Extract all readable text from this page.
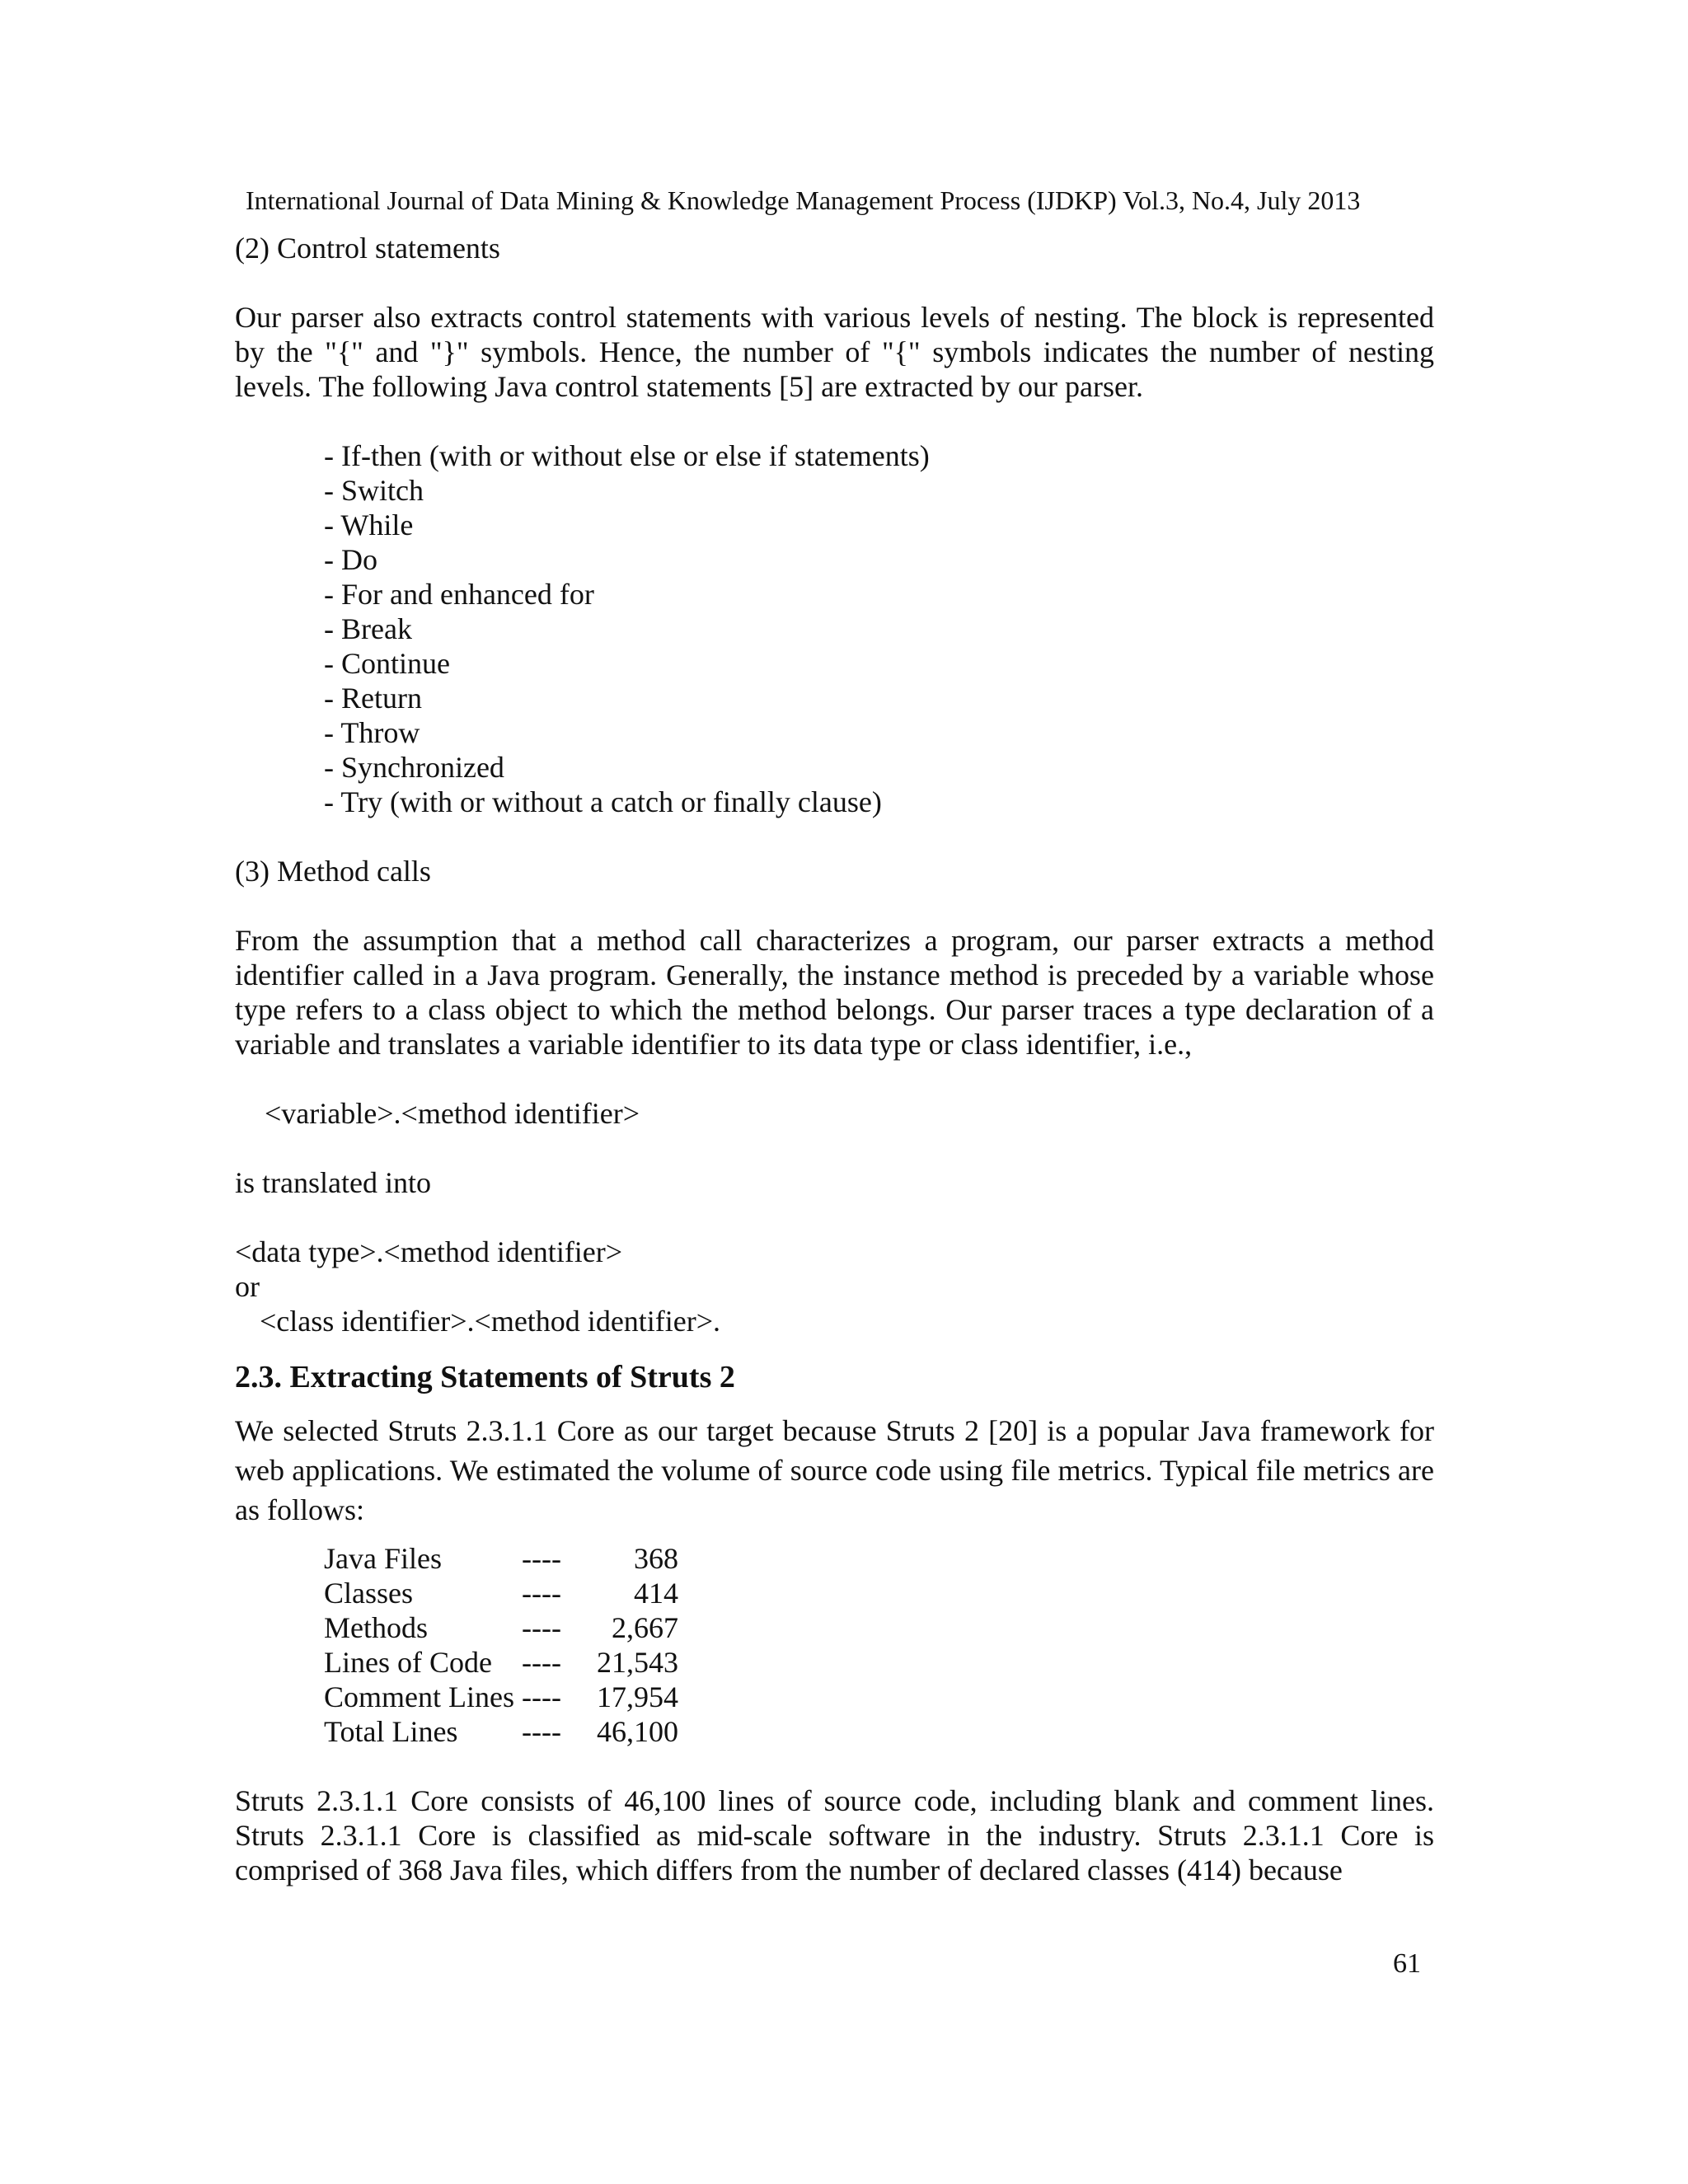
International Journal of Data Mining & Knowledge Management Process (IJDKP) Vol.3, No.4, July 2013
(2) Control statements

Our parser also extracts control statements with various levels of nesting. The block is represented by the "{" and "}" symbols. Hence, the number of "{" symbols indicates the number of nesting levels. The following Java control statements [5] are extracted by our parser.

- If-then (with or without else or else if statements)
- Switch
- While
- Do
- For and enhanced for
- Break
- Continue
- Return
- Throw
- Synchronized
- Try (with or without a catch or finally clause)
(3) Method calls

From the assumption that a method call characterizes a program, our parser extracts a method identifier called in a Java program. Generally, the instance method is preceded by a variable whose type refers to a class object to which the method belongs. Our parser traces a type declaration of a variable and translates a variable identifier to its data type or class identifier, i.e.,

<variable>.<method identifier>
is translated into
<data type>.<method identifier>
or
<class identifier>.<method identifier>.
2.3. Extracting Statements of Struts 2

We selected Struts 2.3.1.1 Core as our target because Struts 2 [20] is a popular Java framework for web applications. We estimated the volume of source code using file metrics. Typical file metrics are as follows:

Java Files	----	368
Classes	----	414
Methods	----	2,667
Lines of Code	----	21,543
Comment Lines	----	17,954
Total Lines	----	46,100

Struts 2.3.1.1 Core consists of 46,100 lines of source code, including blank and comment lines. Struts 2.3.1.1 Core is classified as mid-scale software in the industry. Struts 2.3.1.1 Core is comprised of 368 Java files, which differs from the number of declared classes (414) because

61
